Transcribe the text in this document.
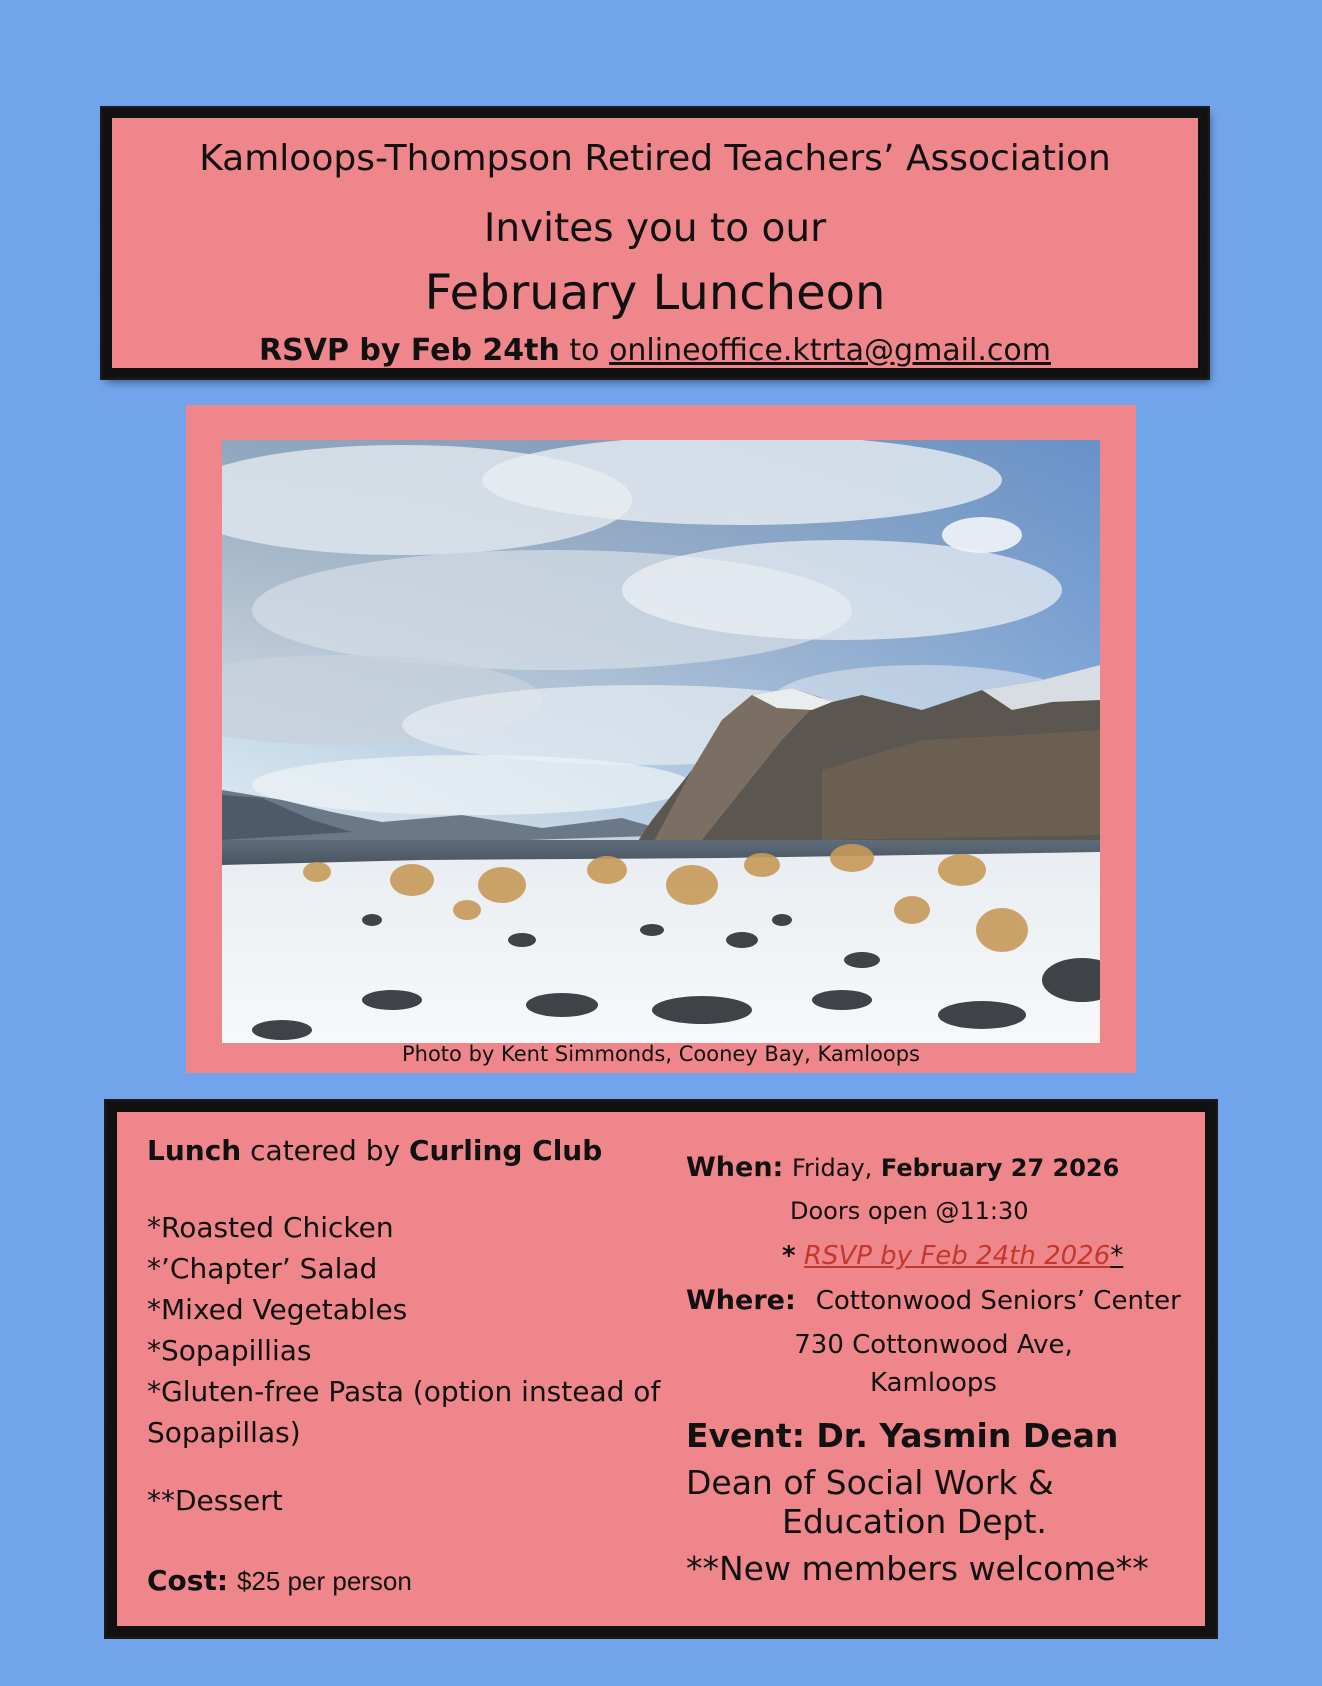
Kamloops-Thompson Retired Teachers’ Association
Invites you to our
February Luncheon
RSVP by Feb 24th to onlineoffice.ktrta@gmail.com
Photo by Kent Simmonds, Cooney Bay, Kamloops
Lunch catered by Curling Club
*Roasted Chicken
*’Chapter’ Salad
*Mixed Vegetables
*Sopapillias
*Gluten-free Pasta (option instead of Sopapillas)
**Dessert
Cost: $25 per person
When: Friday, February 27 2026
Doors open @11:30
* RSVP by Feb 24th 2026*
Where: Cottonwood Seniors’ Center
730 Cottonwood Ave,
Kamloops
Event: Dr. Yasmin Dean
Dean of Social Work &
Education Dept.
**New members welcome**
